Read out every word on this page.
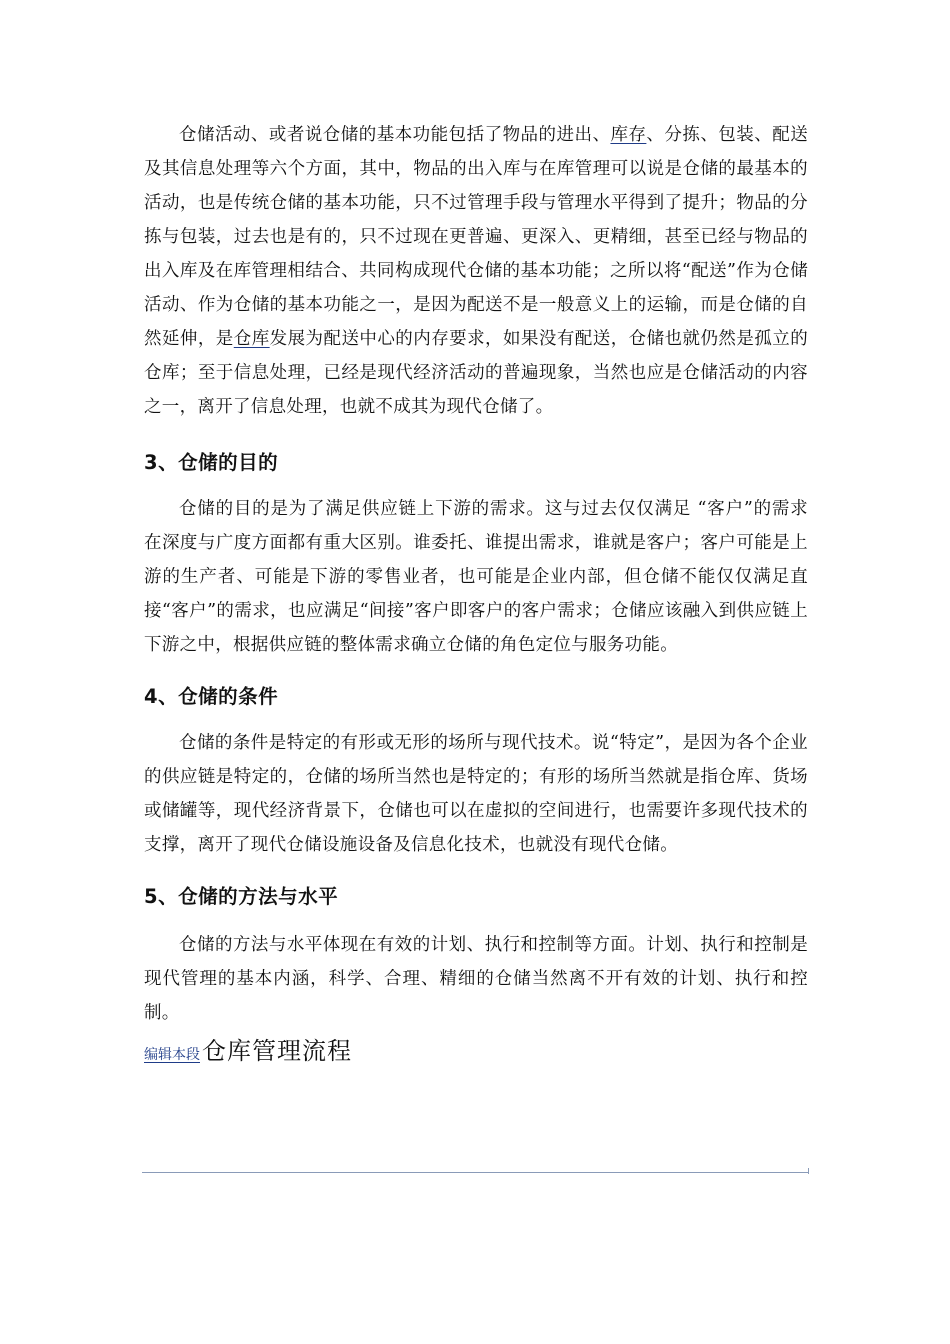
仓储活动、或者说仓储的基本功能包括了物品的进出、库存、分拣、包装、配送及其信息处理等六个方面，其中，物品的出入库与在库管理可以说是仓储的最基本的活动，也是传统仓储的基本功能，只不过管理手段与管理水平得到了提升；物品的分拣与包装，过去也是有的，只不过现在更普遍、更深入、更精细，甚至已经与物品的出入库及在库管理相结合、共同构成现代仓储的基本功能；之所以将“配送”作为仓储活动、作为仓储的基本功能之一，是因为配送不是一般意义上的运输，而是仓储的自然延伸，是仓库发展为配送中心的内存要求，如果没有配送，仓储也就仍然是孤立的仓库；至于信息处理，已经是现代经济活动的普遍现象，当然也应是仓储活动的内容之一，离开了信息处理，也就不成其为现代仓储了。

3、仓储的目的

仓储的目的是为了满足供应链上下游的需求。这与过去仅仅满足 “客户”的需求在深度与广度方面都有重大区别。谁委托、谁提出需求，谁就是客户；客户可能是上游的生产者、可能是下游的零售业者，也可能是企业内部，但仓储不能仅仅满足直接“客户”的需求，也应满足“间接”客户即客户的客户需求；仓储应该融入到供应链上下游之中，根据供应链的整体需求确立仓储的角色定位与服务功能。

4、仓储的条件

仓储的条件是特定的有形或无形的场所与现代技术。说“特定”，是因为各个企业的供应链是特定的，仓储的场所当然也是特定的；有形的场所当然就是指仓库、货场或储罐等，现代经济背景下，仓储也可以在虚拟的空间进行，也需要许多现代技术的支撑，离开了现代仓储设施设备及信息化技术，也就没有现代仓储。

5、仓储的方法与水平

仓储的方法与水平体现在有效的计划、执行和控制等方面。计划、执行和控制是现代管理的基本内涵，科学、合理、精细的仓储当然离不开有效的计划、执行和控制。

编辑本段 仓库管理流程
